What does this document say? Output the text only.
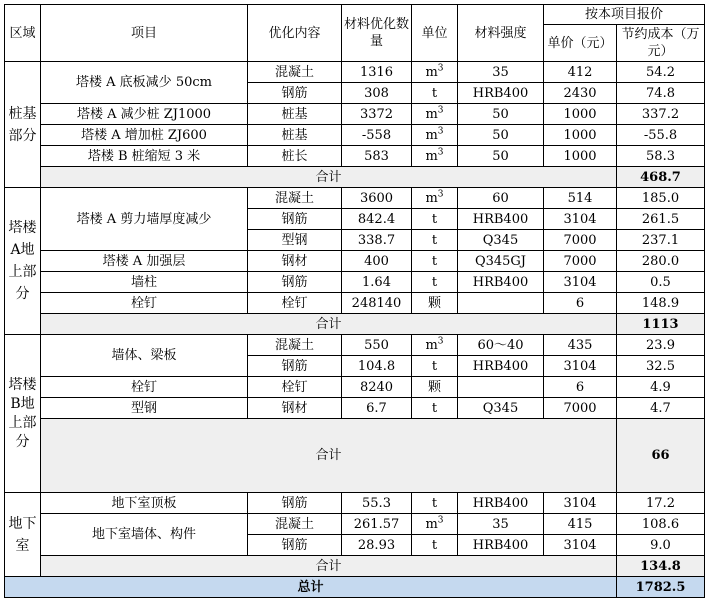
区域	项目	优化内容	材料优化数量	单位	材料强度	按本项目报价	
						单价（元）	节约成本（万元）
桩基部分	塔楼 A 底板减少 50cm	混凝土	1316	$m^3$	35	412	54.2
		钢筋	308	t	HRB400	2430	74.8
	塔楼 A 减少桩 ZJ1000	桩基	3372	$m^3$	50	1000	337.2
	塔楼 A 增加桩 ZJ600	桩基	-558	$m^3$	50	1000	-55.8
	塔楼 B 桩缩短 3 米	桩长	583	$m^3$	50	1000	58.3
	合计						468.7
塔楼A地上部分	塔楼 A 剪力墙厚度减少	混凝土	3600	$m^3$	60	514	185.0
		钢筋	842.4	t	HRB400	3104	261.5
		型钢	338.7	t	Q345	7000	237.1
	塔楼 A 加强层	钢材	400	t	Q345GJ	7000	280.0
	墙柱	钢筋	1.64	t	HRB400	3104	0.5
	栓钉	栓钉	248140	颗		6	148.9
	合计						1113
塔楼B地上部分	墙体、梁板	混凝土	550	$m^3$	60～40	435	23.9
		钢筋	104.8	t	HRB400	3104	32.5
	栓钉	栓钉	8240	颗		6	4.9
	型钢	钢材	6.7	t	Q345	7000	4.7
	合计						66
地下室	地下室顶板	钢筋	55.3	t	HRB400	3104	17.2
	地下室墙体、构件	混凝土	261.57	$m^3$	35	415	108.6
		钢筋	28.93	t	HRB400	3104	9.0
	合计						134.8
总计							1782.5
